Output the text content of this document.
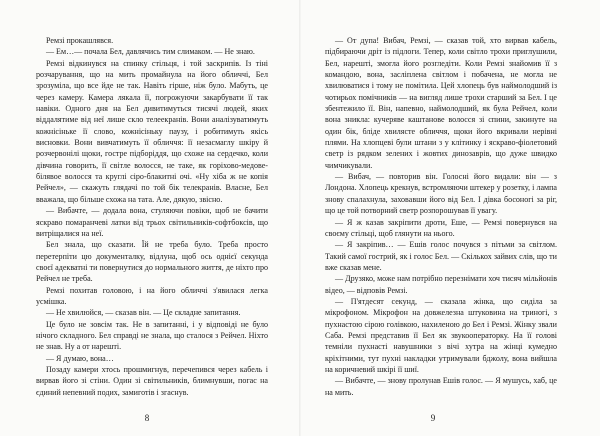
Ремзі прокашлявся.

— Ем…— почала Бел, давлячись тим слимаком. — Не знаю.

Ремзі відкинувся на спинку стільця, і той заскрипів. Із тіні розчарування, що на мить промайнула на його обличчі, Бел зрозуміла, що все йде не так. Навіть гірше, ніж було. Мабуть, це через камеру. Камера лякала її, погрожуючи закарбувати її так навіки. Одного дня на Бел дивитимуться тисячі людей, яких віддалятиме від неї лише скло телеекранів. Вони аналізуватимуть кожнісіньке її слово, кожнісіньку паузу, і робитимуть якісь висновки. Вони вивчатимуть її обличчя: її незасмаглу шкіру й розчервонілі щоки, гостре підборіддя, що схоже на сердечко, коли дівчина говорить, її світле волосся, не таке, як горіхово-медове-білявое волосся та круглі сіро-блакитні очі. «Ну хіба ж не копія Рейчел», — скажуть глядачі по той бік телекранів. Власне, Бел вважала, що більше схожа на тата. Але, дякую, звісно.

— Вибачте, — додала вона, стуляючи повіки, щоб не бачити яскраво помаранчеві латки від трьох світильників-софтбоксів, що витріщалися на неї.

Бел знала, що сказати. Їй не треба було. Треба просто перетерпіти цю документалку, відлуна, щоб ось однієї секунда своєї адекватні ти повернутися до нормального життя, де ніхто про Рейчел не треба.

Ремзі похитав головою, і на його обличчі з'явилася легка усмішка.

— Не хвилюйся, — сказав він. — Це складне запитання.

Це було не зовсім так. Не в запитанні, і у відповіді не було нічого складного. Бел справді не знала, що сталося з Рейчел. Ніхто не знав. Ну а от нарешті.

— Я думаю, вона…

Позаду камери хтось прошмигнув, перечепився через кабель і вирвав його зі стіни. Один зі світильників, блимнувши, погас на єдиний непевний подих, замиготів і згаснув.

— От дупа! Вибач, Ремзі, — сказав той, хто вирвав кабель, підбираючи дріт із підлоги. Тепер, коли світло трохи приглушили, Бел, нарешті, змогла його розгледіти. Коли Ремзі знайомив її з командою, вона, засліплена світлом і побачена, не могла не хвилюватися і тому не помітила. Цей хлопець був наймолодший із чотирьох помічників — на вигляд лише трохи старший за Бел. І це збентежило її. Він, напевно, наймолодший, як була Рейчел, коли вона зникла: кучеряве каштанове волосся зі спини, закинуте на один бік, бліде хвилясте обличчя, щоки його вкривали нерівні плями. На хлопцеві були штани з у клітинку і яскраво-фіолетовий светр із рядком зелених і жовтих динозаврів, що дуже швидко чимчикували.

— Вибач, — повторив він. Голосні його видали: він — з Лондона. Хлопець крекнув, встромляючи штекер у розетку, і лампа знову спалахнула, заховавши його від Бел. І дівка босоногі за ріг, що це той потворний светр розпорошував її увагу.

— Я ж казав закріпити дроти, Еше, — Ремзі повернувся на своєму стільці, щоб глянути на нього.

— Я закріпив… — Ешів голос почувся з пітьми за світлом. Такий самої гострий, як і голос Бел. — Скількох зайвих слів, що ти вже сказав мене.

— Друзяко, може нам потрібно перезнімати хоч тисяч мільйонів відео, — відповів Ремзі.

— П'ятдесят секунд, — сказала жінка, що сиділа за мікрофоном. Мікрофон на довжелезна штуковина на триногі, з пухнастою сірою голівкою, нахиленою до Бел і Ремзі. Жінку звали Саба. Ремзі представив її Бел як звукооператорку. На її голові темніли пухнасті навушники з вічі хутра на жінці кумедно кріхітними, тут пухні накладки утримували бджолу, вона вийшла на коричневий шкірі її шиї.

— Вибачте, — знову пролунав Ешів голос. — Я мушусь, хаб, це на мить.

8	9
